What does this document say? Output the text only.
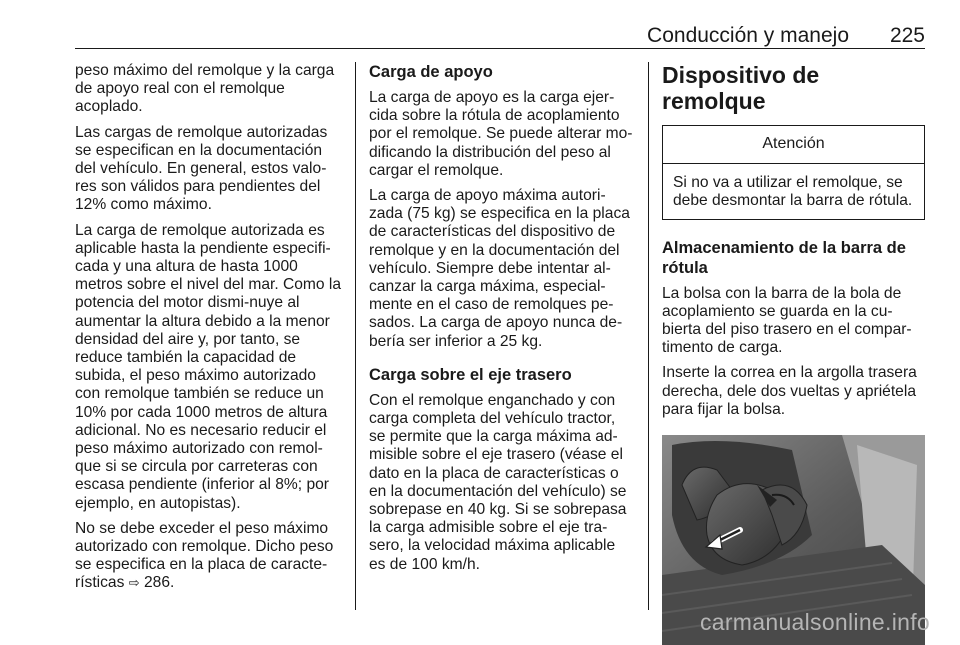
Conducción y manejo 225

peso máximo del remolque y la carga de apoyo real con el remolque acoplado.

Las cargas de remolque autorizadas se especifican en la documentación del vehículo. En general, estos valo-res son válidos para pendientes del 12% como máximo.

La carga de remolque autorizada es aplicable hasta la pendiente especifi-cada y una altura de hasta 1000 metros sobre el nivel del mar. Como la potencia del motor dismi-nuye al aumentar la altura debido a la menor densidad del aire y, por tanto, se reduce también la capacidad de subida, el peso máximo autorizado con remolque también se reduce un 10% por cada 1000 metros de altura adicional. No es necesario reducir el peso máximo autorizado con remol-que si se circula por carreteras con escasa pendiente (inferior al 8%; por ejemplo, en autopistas).

No se debe exceder el peso máximo autorizado con remolque. Dicho peso se especifica en la placa de caracte-rísticas ⇨ 286.

Carga de apoyo

La carga de apoyo es la carga ejer-cida sobre la rótula de acoplamiento por el remolque. Se puede alterar mo-dificando la distribución del peso al cargar el remolque.

La carga de apoyo máxima autori-zada (75 kg) se especifica en la placa de características del dispositivo de remolque y en la documentación del vehículo. Siempre debe intentar al-canzar la carga máxima, especial-mente en el caso de remolques pe-sados. La carga de apoyo nunca de-bería ser inferior a 25 kg.

Carga sobre el eje trasero

Con el remolque enganchado y con carga completa del vehículo tractor, se permite que la carga máxima ad-misible sobre el eje trasero (véase el dato en la placa de características o en la documentación del vehículo) se sobrepase en 40 kg. Si se sobrepasa la carga admisible sobre el eje tra-sero, la velocidad máxima aplicable es de 100 km/h.

Dispositivo de remolque
Atención
Si no va a utilizar el remolque, se debe desmontar la barra de rótula.
Almacenamiento de la barra de rótula

La bolsa con la barra de la bola de acoplamiento se guarda en la cu-bierta del piso trasero en el compar-timento de carga.

Inserte la correa en la argolla trasera derecha, dele dos vueltas y apriétela para fijar la bolsa.

carmanualsonline.info
